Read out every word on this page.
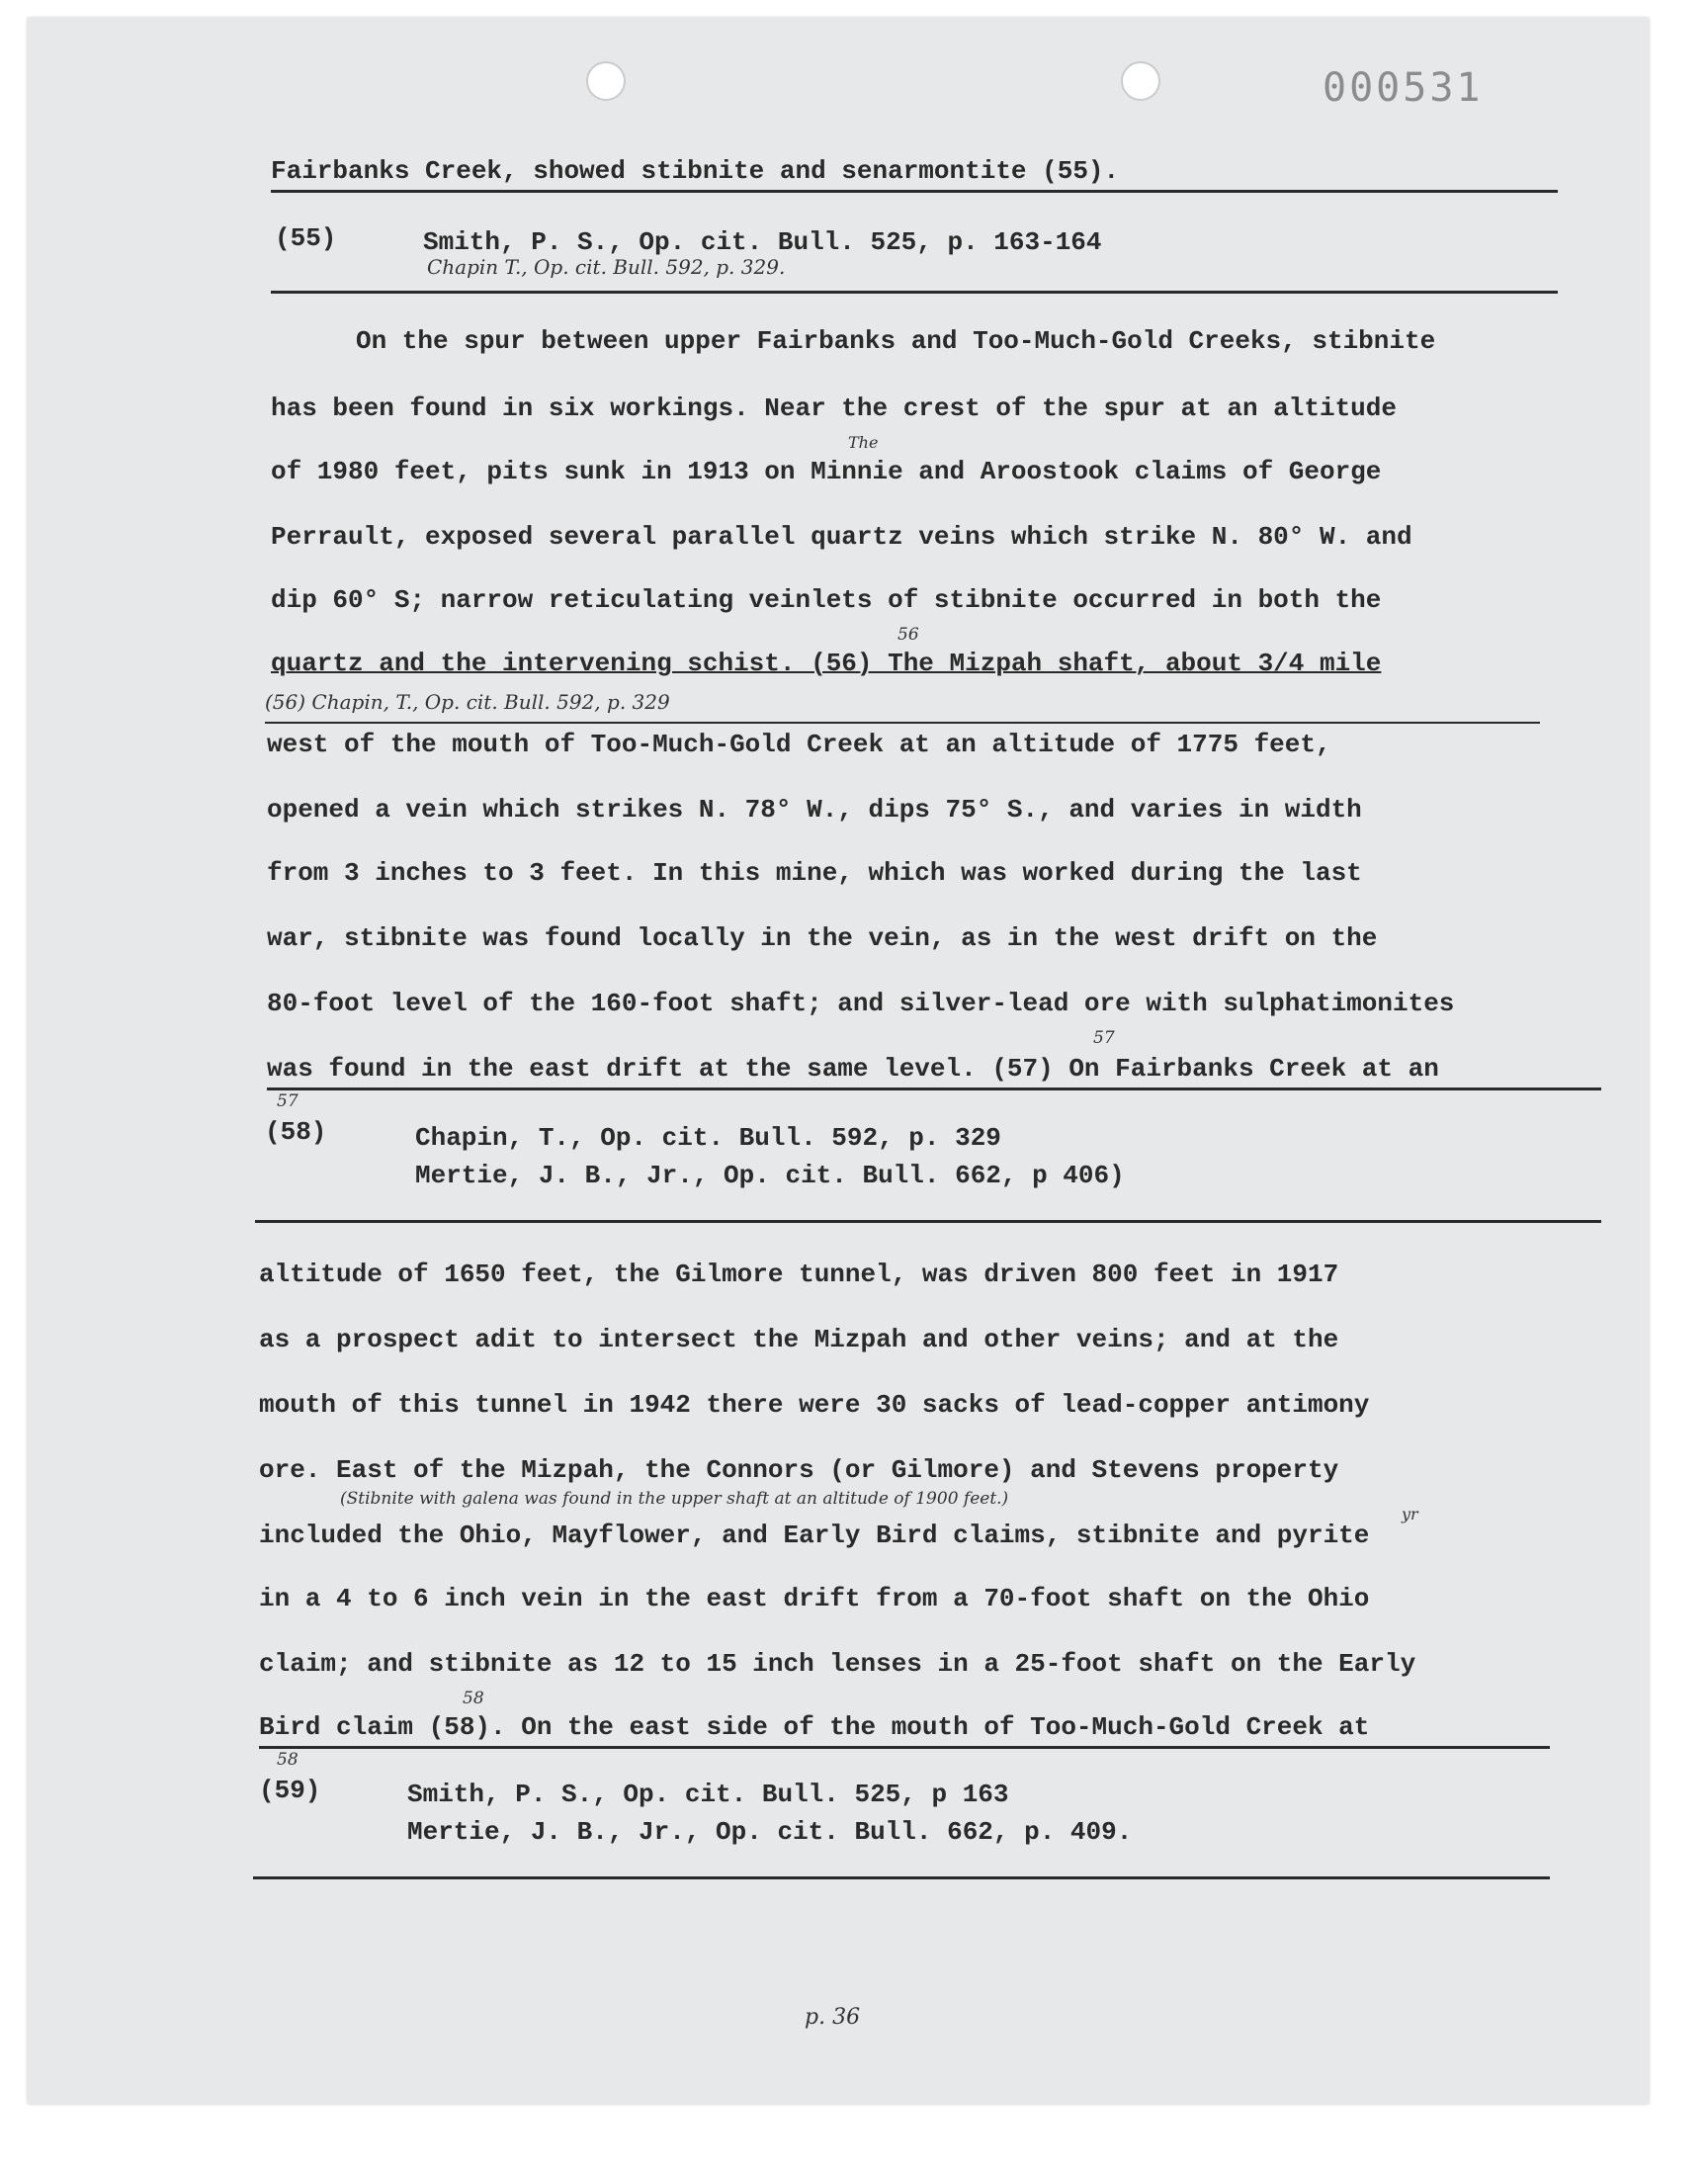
000531
Fairbanks Creek, showed stibnite and senarmontite (55).
(55)	Smith, P. S., Op. cit. Bull. 525, p. 163-164
Chapin T., Op. cit. Bull. 592, p. 329.
On the spur between upper Fairbanks and Too-Much-Gold Creeks, stibnite
has been found in six workings. Near the crest of the spur at an altitude
The
of 1980 feet, pits sunk in 1913 on Minnie and Aroostook claims of George
Perrault, exposed several parallel quartz veins which strike N. 80° W. and
dip 60° S; narrow reticulating veinlets of stibnite occurred in both the
56
quartz and the intervening schist. (56) The Mizpah shaft, about 3/4 mile
(56) Chapin, T., Op. cit. Bull. 592, p. 329
west of the mouth of Too-Much-Gold Creek at an altitude of 1775 feet,
opened a vein which strikes N. 78° W., dips 75° S., and varies in width
from 3 inches to 3 feet. In this mine, which was worked during the last
war, stibnite was found locally in the vein, as in the west drift on the
80-foot level of the 160-foot shaft; and silver-lead ore with sulphatimonites
57
was found in the east drift at the same level. (57) On Fairbanks Creek at an
57
(58)	Chapin, T., Op. cit. Bull. 592, p. 329
Mertie, J. B., Jr., Op. cit. Bull. 662, p 406)
altitude of 1650 feet, the Gilmore tunnel, was driven 800 feet in 1917
as a prospect adit to intersect the Mizpah and other veins; and at the
mouth of this tunnel in 1942 there were 30 sacks of lead-copper antimony
ore. East of the Mizpah, the Connors (or Gilmore) and Stevens property
(Stibnite with galena was found in the upper shaft at an altitude of 1900 feet.)
yr
included the Ohio, Mayflower, and Early Bird claims, stibnite and pyrite
in a 4 to 6 inch vein in the east drift from a 70-foot shaft on the Ohio
claim; and stibnite as 12 to 15 inch lenses in a 25-foot shaft on the Early
58
Bird claim (58). On the east side of the mouth of Too-Much-Gold Creek at
58
(59)	Smith, P. S., Op. cit. Bull. 525, p 163
Mertie, J. B., Jr., Op. cit. Bull. 662, p. 409.
p. 36
